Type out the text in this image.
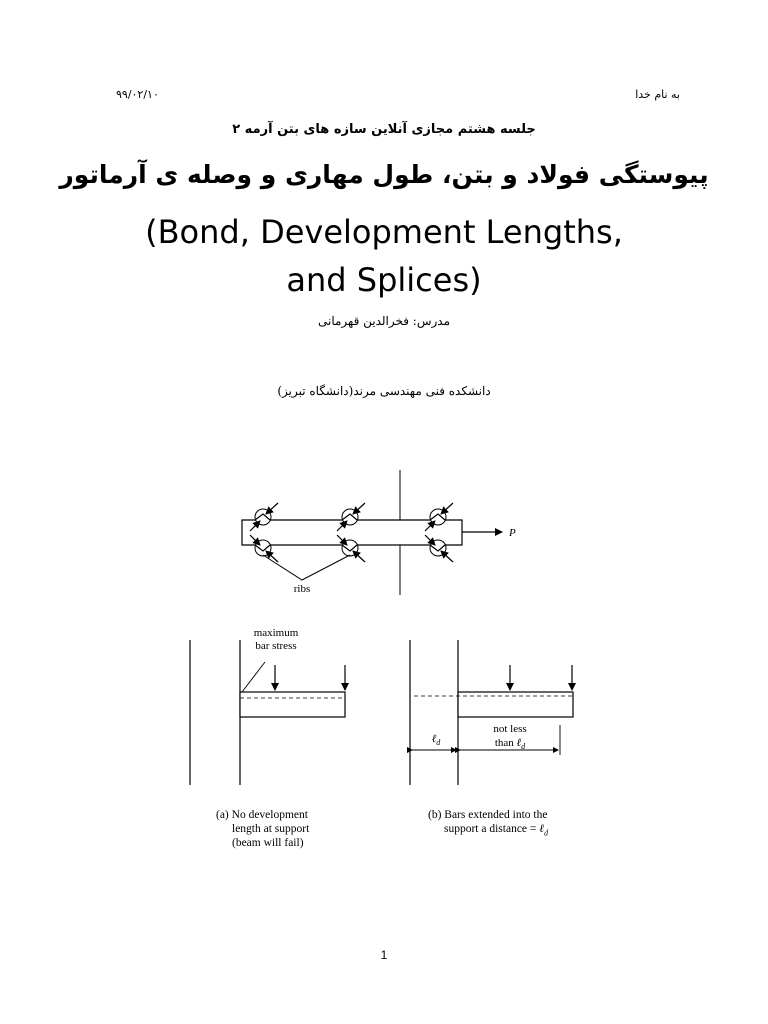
به نام خدا
۹۹/۰۲/۱۰
جلسه هشتم مجازی آنلاین سازه های بتن آرمه ۲
پیوستگی فولاد و بتن، طول مهاری و وصله ی آرماتور
(Bond, Development Lengths, and Splices)
مدرس: فخرالدین قهرمانی
دانشکده فنی مهندسی مرند(دانشگاه تبریز)
P
ribs
maximum
bar stress
ℓ$_d$
not less
than ℓ$_d$
(a) No development
length at support
(beam will fail)
(b) Bars extended into the
support a distance = ℓ$_d$
1
